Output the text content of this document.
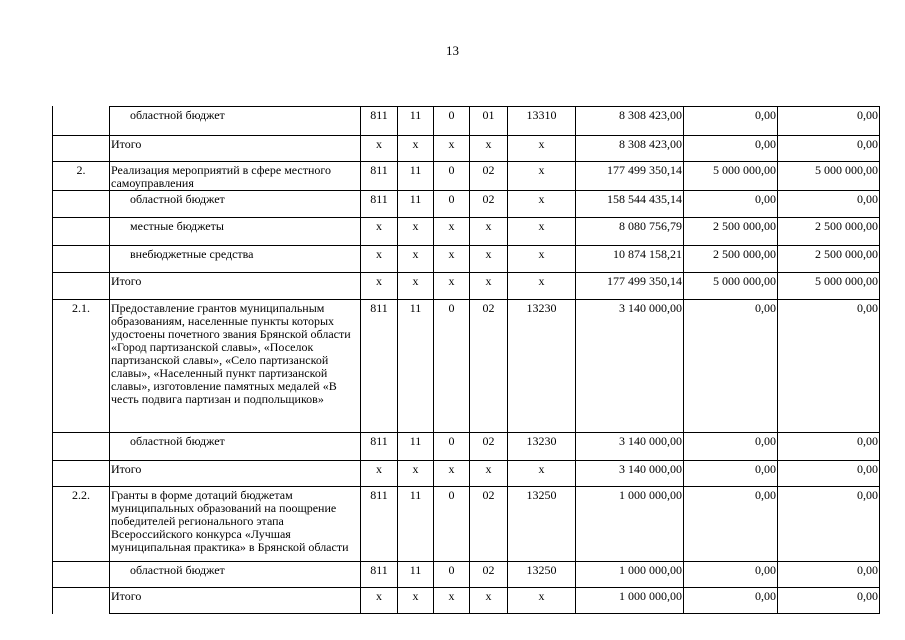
13
	областной бюджет	811	11	0	01	13310	8 308 423,00	0,00	0,00
	Итого	х	х	х	х	х	8 308 423,00	0,00	0,00
2.	Реализация мероприятий в сфере местного самоуправления	811	11	0	02	х	177 499 350,14	5 000 000,00	5 000 000,00
	областной бюджет	811	11	0	02	х	158 544 435,14	0,00	0,00
	местные бюджеты	х	х	х	х	х	8 080 756,79	2 500 000,00	2 500 000,00
	внебюджетные средства	х	х	х	х	х	10 874 158,21	2 500 000,00	2 500 000,00
	Итого	х	х	х	х	х	177 499 350,14	5 000 000,00	5 000 000,00
2.1.	Предоставление грантов муниципальным образованиям, населенные пункты которых удостоены почетного звания Брянской области «Город партизанской славы», «Поселок партизанской славы», «Село партизанской славы», «Населенный пункт партизанской славы», изготовление памятных медалей «В честь подвига партизан и подпольщиков»	811	11	0	02	13230	3 140 000,00	0,00	0,00
	областной бюджет	811	11	0	02	13230	3 140 000,00	0,00	0,00
	Итого	х	х	х	х	х	3 140 000,00	0,00	0,00
2.2.	Гранты в форме дотаций бюджетам муниципальных образований на поощрение победителей регионального этапа Всероссийского конкурса «Лучшая муниципальная практика» в Брянской области	811	11	0	02	13250	1 000 000,00	0,00	0,00
	областной бюджет	811	11	0	02	13250	1 000 000,00	0,00	0,00
	Итого	х	х	х	х	х	1 000 000,00	0,00	0,00
